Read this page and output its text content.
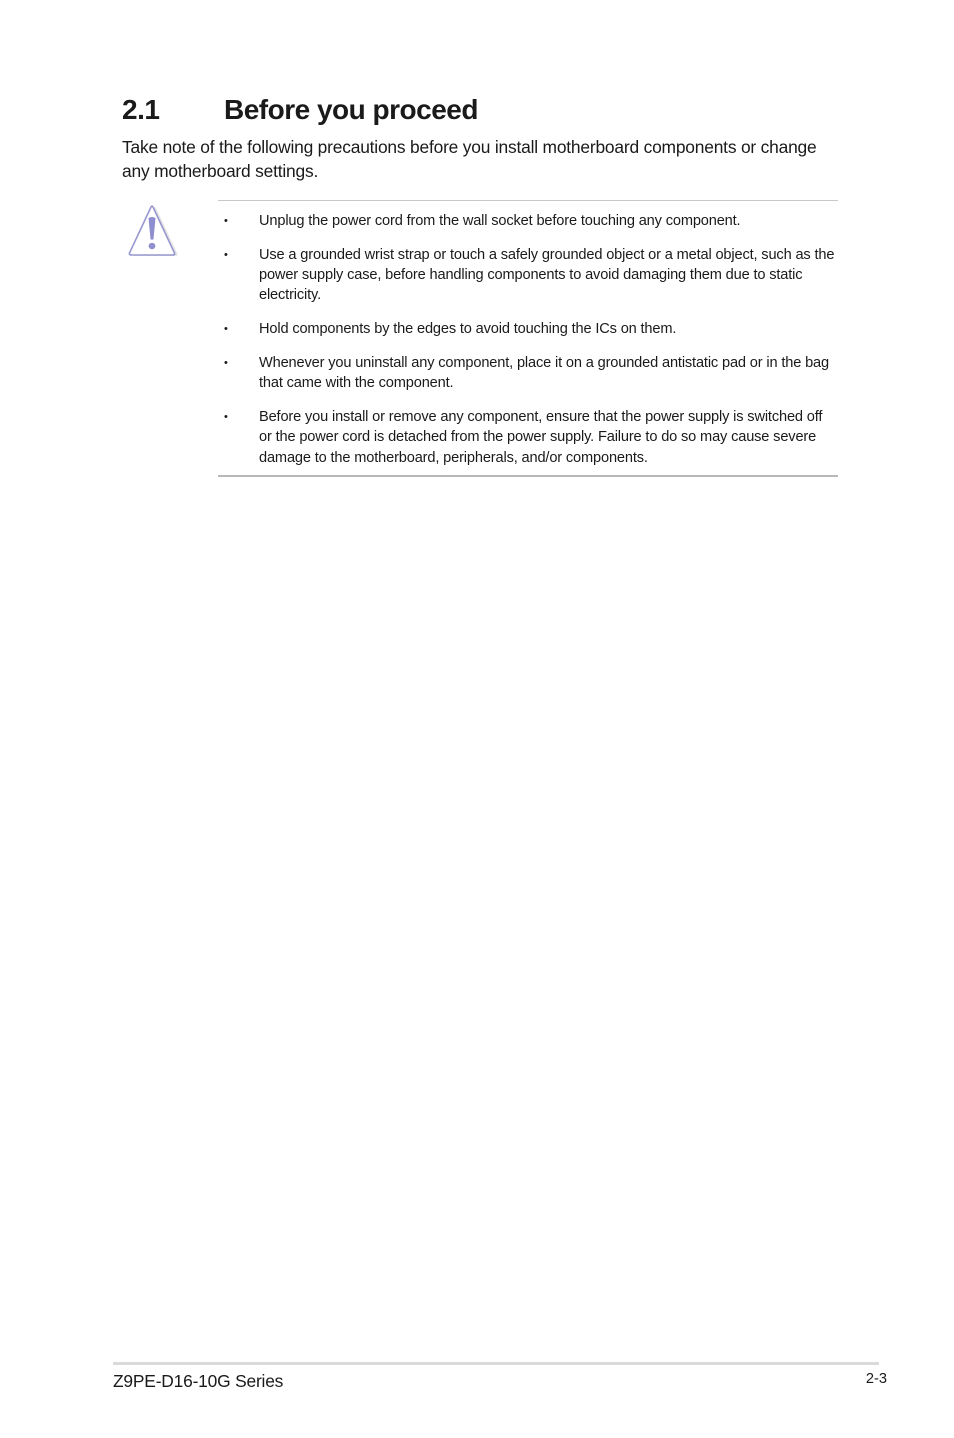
2.1 Before you proceed

Take note of the following precautions before you install motherboard components or change any motherboard settings.

• Unplug the power cord from the wall socket before touching any component.
• Use a grounded wrist strap or touch a safely grounded object or a metal object, such as the power supply case, before handling components to avoid damaging them due to static electricity.
• Hold components by the edges to avoid touching the ICs on them.
• Whenever you uninstall any component, place it on a grounded antistatic pad or in the bag that came with the component.
• Before you install or remove any component, ensure that the power supply is switched off or the power cord is detached from the power supply. Failure to do so may cause severe damage to the motherboard, peripherals, and/or components.
Z9PE-D16-10G Series	2-3
